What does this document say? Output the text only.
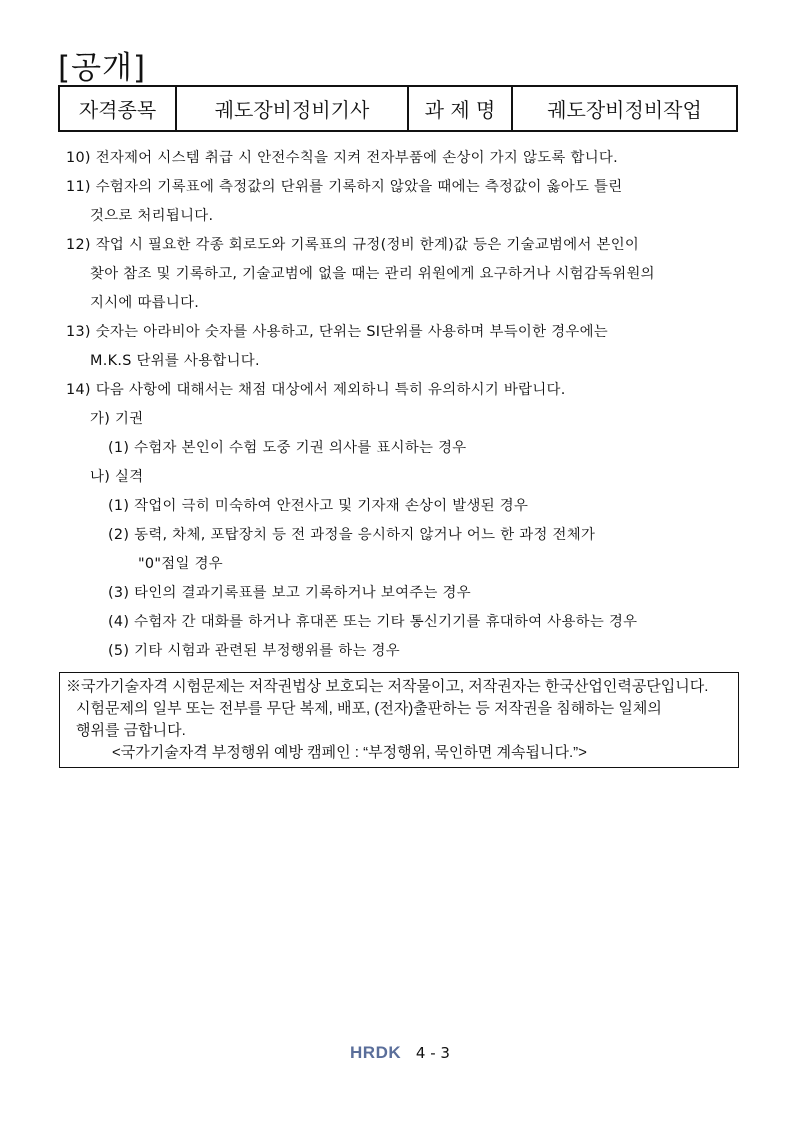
[공개]
자격종목	궤도장비정비기사	과 제 명	궤도장비정비작업
10) 전자제어 시스템 취급 시 안전수칙을 지켜 전자부품에 손상이 가지 않도록 합니다.
11) 수험자의 기록표에 측정값의 단위를 기록하지 않았을 때에는 측정값이 옳아도 틀린
것으로 처리됩니다.
12) 작업 시 필요한 각종 회로도와 기록표의 규정(정비 한계)값 등은 기술교범에서 본인이
찾아 참조 및 기록하고, 기술교범에 없을 때는 관리 위원에게 요구하거나 시험감독위원의
지시에 따릅니다.
13) 숫자는 아라비아 숫자를 사용하고, 단위는 SI단위를 사용하며 부득이한 경우에는
M.K.S 단위를 사용합니다.
14) 다음 사항에 대해서는 채점 대상에서 제외하니 특히 유의하시기 바랍니다.
가) 기권
(1) 수험자 본인이 수험 도중 기권 의사를 표시하는 경우
나) 실격
(1) 작업이 극히 미숙하여 안전사고 및 기자재 손상이 발생된 경우
(2) 동력, 차체, 포탑장치 등 전 과정을 응시하지 않거나 어느 한 과정 전체가
"0"점일 경우
(3) 타인의 결과기록표를 보고 기록하거나 보여주는 경우
(4) 수험자 간 대화를 하거나 휴대폰 또는 기타 통신기기를 휴대하여 사용하는 경우
(5) 기타 시험과 관련된 부정행위를 하는 경우
※국가기술자격 시험문제는 저작권법상 보호되는 저작물이고, 저작권자는 한국산업인력공단입니다.
시험문제의 일부 또는 전부를 무단 복제, 배포, (전자)출판하는 등 저작권을 침해하는 일체의
행위를 금합니다.
<국가기술자격 부정행위 예방 캠페인 : “부정행위, 묵인하면 계속됩니다.”>
HRDK 4 - 3
